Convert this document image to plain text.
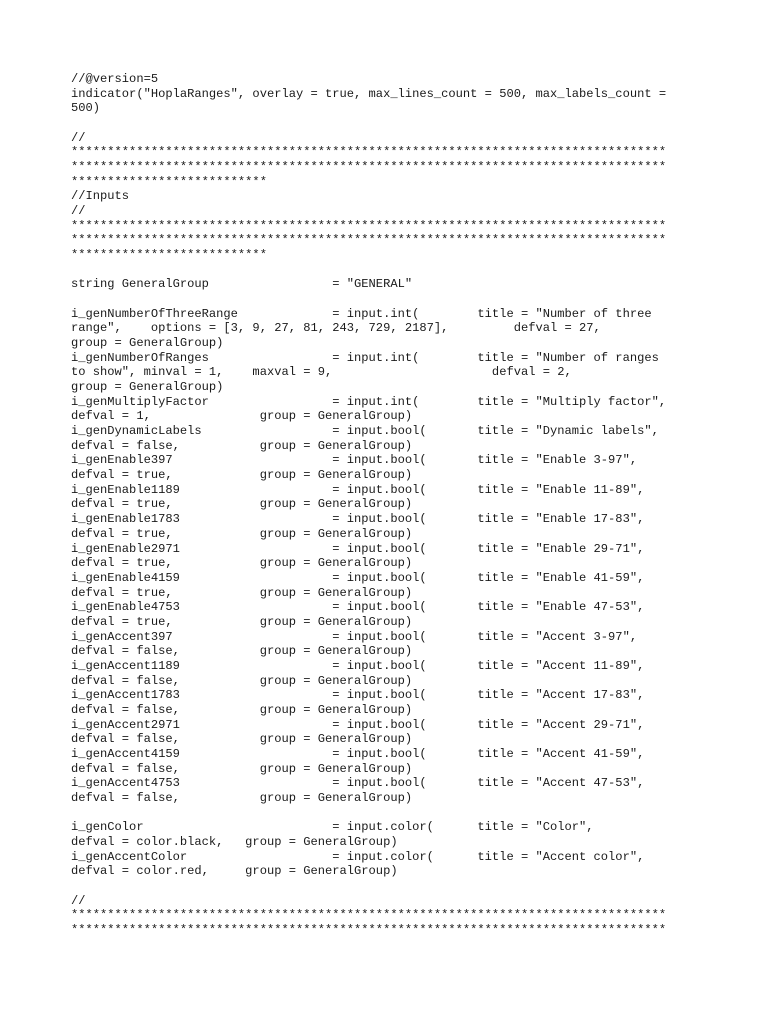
//@version=5
indicator("HoplaRanges", overlay = true, max_lines_count = 500, max_labels_count =
500)
//
**********************************************************************************
**********************************************************************************
***************************
//Inputs
//
**********************************************************************************
**********************************************************************************
***************************
string GeneralGroup                 = "GENERAL"
i_genNumberOfThreeRange             = input.int(        title = "Number of three
range",    options = [3, 9, 27, 81, 243, 729, 2187],         defval = 27,
group = GeneralGroup)
i_genNumberOfRanges                 = input.int(        title = "Number of ranges
to show", minval = 1,    maxval = 9,                      defval = 2,
group = GeneralGroup)
i_genMultiplyFactor                 = input.int(        title = "Multiply factor",
defval = 1,               group = GeneralGroup)
i_genDynamicLabels                  = input.bool(       title = "Dynamic labels",
defval = false,           group = GeneralGroup)
i_genEnable397                      = input.bool(       title = "Enable 3-97",
defval = true,            group = GeneralGroup)
i_genEnable1189                     = input.bool(       title = "Enable 11-89",
defval = true,            group = GeneralGroup)
i_genEnable1783                     = input.bool(       title = "Enable 17-83",
defval = true,            group = GeneralGroup)
i_genEnable2971                     = input.bool(       title = "Enable 29-71",
defval = true,            group = GeneralGroup)
i_genEnable4159                     = input.bool(       title = "Enable 41-59",
defval = true,            group = GeneralGroup)
i_genEnable4753                     = input.bool(       title = "Enable 47-53",
defval = true,            group = GeneralGroup)
i_genAccent397                      = input.bool(       title = "Accent 3-97",
defval = false,           group = GeneralGroup)
i_genAccent1189                     = input.bool(       title = "Accent 11-89",
defval = false,           group = GeneralGroup)
i_genAccent1783                     = input.bool(       title = "Accent 17-83",
defval = false,           group = GeneralGroup)
i_genAccent2971                     = input.bool(       title = "Accent 29-71",
defval = false,           group = GeneralGroup)
i_genAccent4159                     = input.bool(       title = "Accent 41-59",
defval = false,           group = GeneralGroup)
i_genAccent4753                     = input.bool(       title = "Accent 47-53",
defval = false,           group = GeneralGroup)
i_genColor                          = input.color(      title = "Color",
defval = color.black,   group = GeneralGroup)
i_genAccentColor                    = input.color(      title = "Accent color",
defval = color.red,     group = GeneralGroup)
//
**********************************************************************************
**********************************************************************************
